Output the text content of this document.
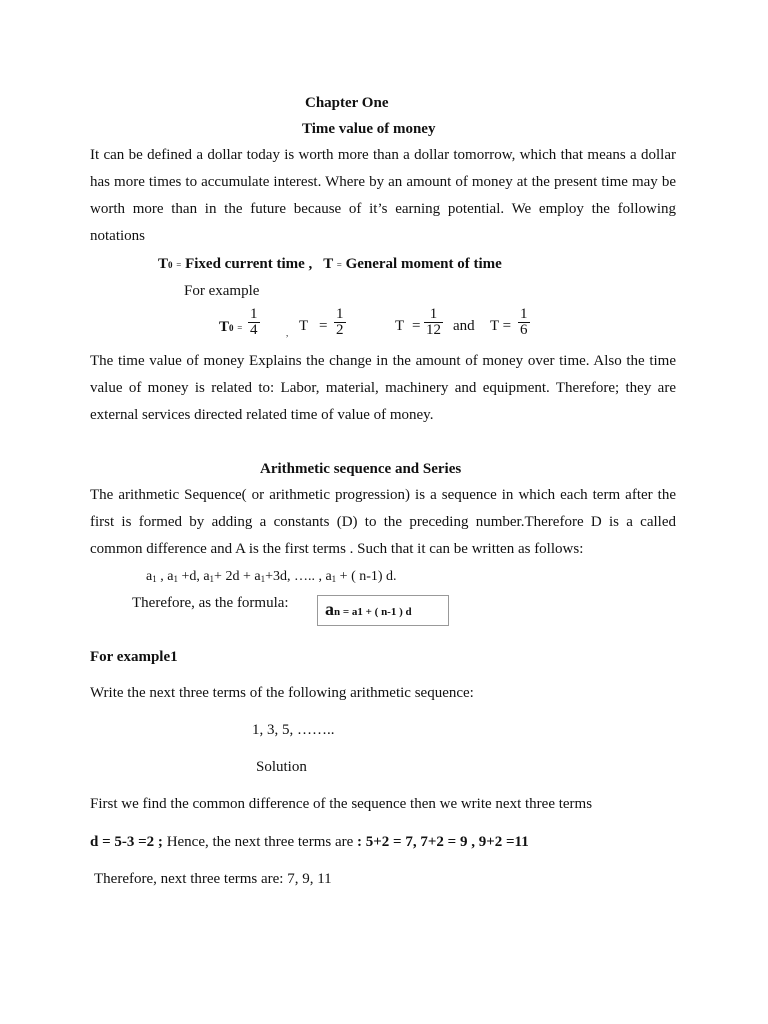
Chapter One
Time value of money
It can be defined a dollar today is worth more than a dollar tomorrow, which that means a dollar
has more times to accumulate interest. Where by an amount of money at the present time may be
worth more than in the future because of it’s earning potential. We employ the following
notations
T0 = Fixed current time , T = General moment of time
For example
$T0 = \frac{1}{4}$	, $T = \frac{1}{2}$	$T = \frac{1}{12}$ and $T = \frac{1}{6}$
The time value of money Explains the change in the amount of money over time. Also the time
value of money is related to: Labor, material, machinery and equipment. Therefore; they are
external services directed related time of value of money.
Arithmetic sequence and Series
The arithmetic Sequence( or arithmetic progression) is a sequence in which each term after the
first is formed by adding a constants (D) to the preceding number.Therefore D is a called
common difference and A is the first terms . Such that it can be written as follows:
$a_1$ , $a_1 +d$, $a_1+ 2d + a_1+3d$, ….. , $a_1$ + ( n-1) d.
Therefore, as the formula: an = a1 + ( n-1 ) d
For example1
Write the next three terms of the following arithmetic sequence:
1, 3, 5, ……..
Solution
First we find the common difference of the sequence then we write next three terms
d = 5-3 =2 ; Hence, the next three terms are : 5+2 = 7, 7+2 = 9 , 9+2 =11
Therefore, next three terms are: 7, 9, 11
